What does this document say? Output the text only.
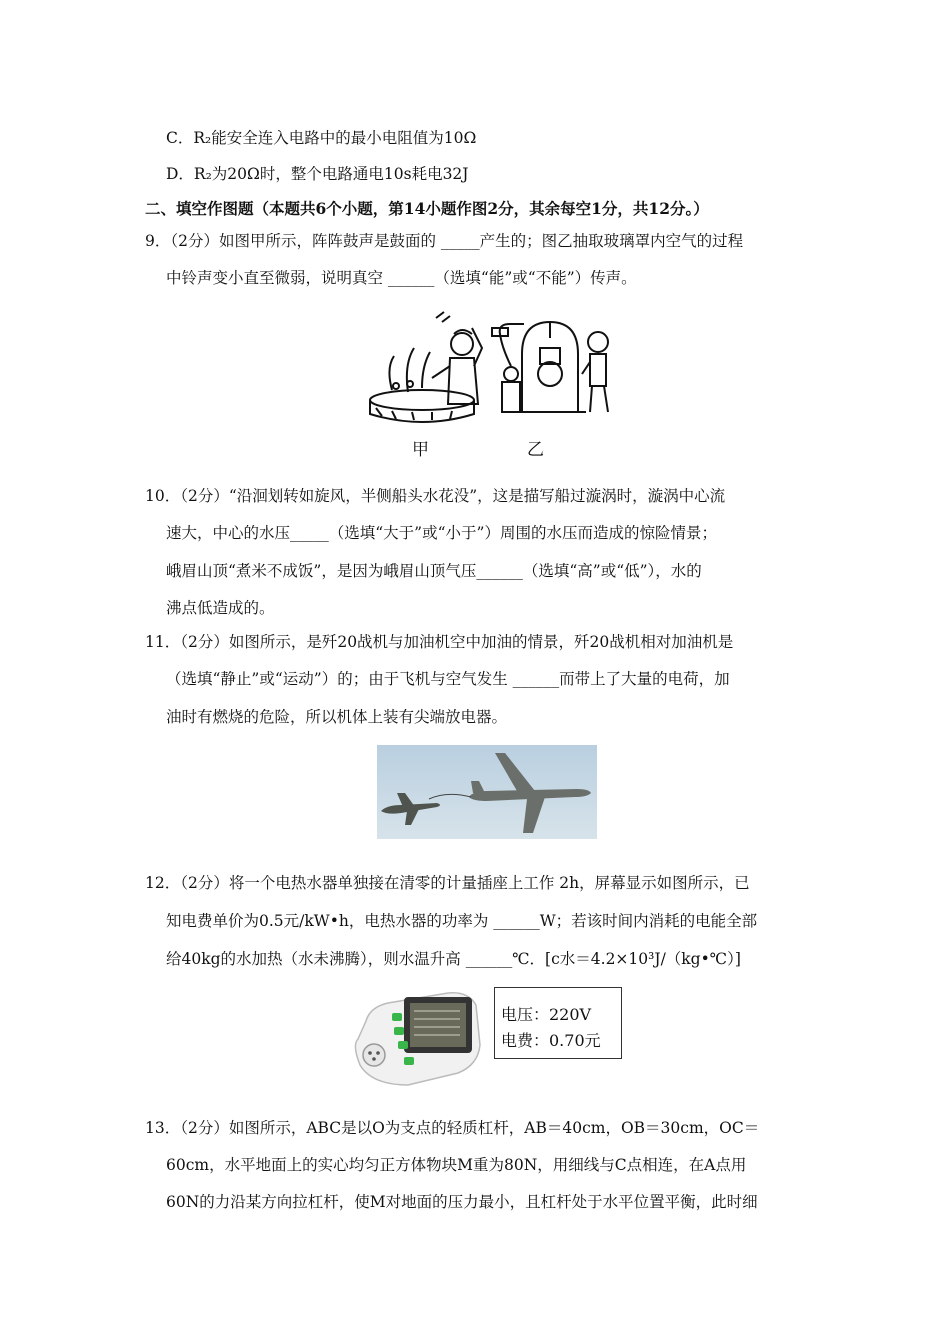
C．R₂能安全连入电路中的最小电阻值为10Ω
D．R₂为20Ω时，整个电路通电10s耗电32J
二、填空作图题（本题共6个小题，第14小题作图2分，其余每空1分，共12分。）
9．（2分）如图甲所示，阵阵鼓声是鼓面的 _____产生的；图乙抽取玻璃罩内空气的过程
中铃声变小直至微弱，说明真空 ______（选填“能”或“不能”）传声。
甲	乙
10．（2分）“沿洄划转如旋风，半侧船头水花没”，这是描写船过漩涡时，漩涡中心流
速大，中心的水压_____（选填“大于”或“小于”）周围的水压而造成的惊险情景；
峨眉山顶“煮米不成饭”，是因为峨眉山顶气压______（选填“高”或“低”），水的
沸点低造成的。
11．（2分）如图所示，是歼20战机与加油机空中加油的情景，歼20战机相对加油机是
（选填“静止”或“运动”）的；由于飞机与空气发生 ______而带上了大量的电荷，加
油时有燃烧的危险，所以机体上装有尖端放电器。
12．（2分）将一个电热水器单独接在清零的计量插座上工作 2h，屏幕显示如图所示，已
知电费单价为0.5元/kW•h，电热水器的功率为 ______W；若该时间内消耗的电能全部
给40kg的水加热（水未沸腾），则水温升高 ______℃．[c水＝4.2×10³J/（kg•℃）]
电压：220V
电费：0.70元
13．（2分）如图所示，ABC是以O为支点的轻质杠杆，AB＝40cm，OB＝30cm，OC＝
60cm，水平地面上的实心均匀正方体物块M重为80N，用细线与C点相连，在A点用
60N的力沿某方向拉杠杆，使M对地面的压力最小，且杠杆处于水平位置平衡，此时细
